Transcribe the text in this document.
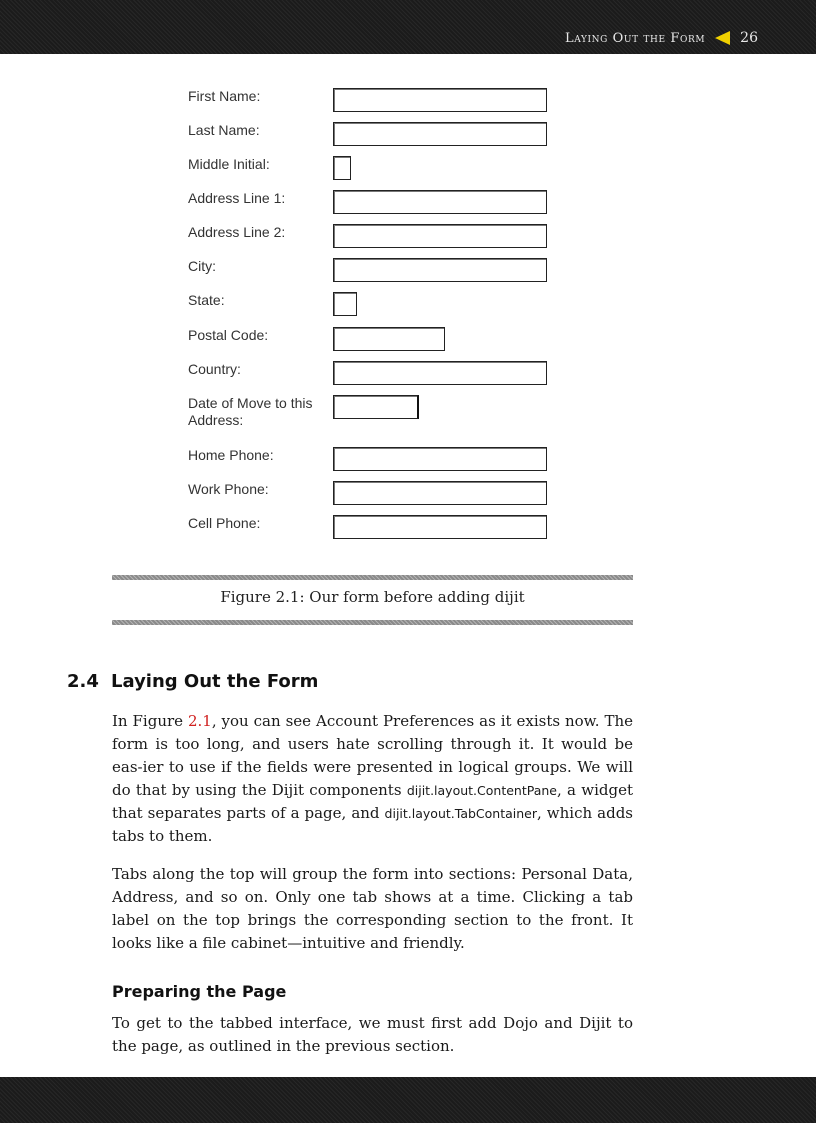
Laying Out the Form	26
First Name:
Last Name:
Middle Initial:
Address Line 1:
Address Line 2:
City:
State:
Postal Code:
Country:
Date of Move to this Address:
Home Phone:
Work Phone:
Cell Phone:
Figure 2.1: Our form before adding dijit
2.4 Laying Out the Form

In Figure 2.1, you can see Account Preferences as it exists now. The form is too long, and users hate scrolling through it. It would be eas-ier to use if the fields were presented in logical groups. We will do that by using the Dijit components dijit.layout.ContentPane, a widget that separates parts of a page, and dijit.layout.TabContainer, which adds tabs to them.

Tabs along the top will group the form into sections: Personal Data, Address, and so on. Only one tab shows at a time. Clicking a tab label on the top brings the corresponding section to the front. It looks like a file cabinet—intuitive and friendly.

Preparing the Page

To get to the tabbed interface, we must first add Dojo and Dijit to the page, as outlined in the previous section.
